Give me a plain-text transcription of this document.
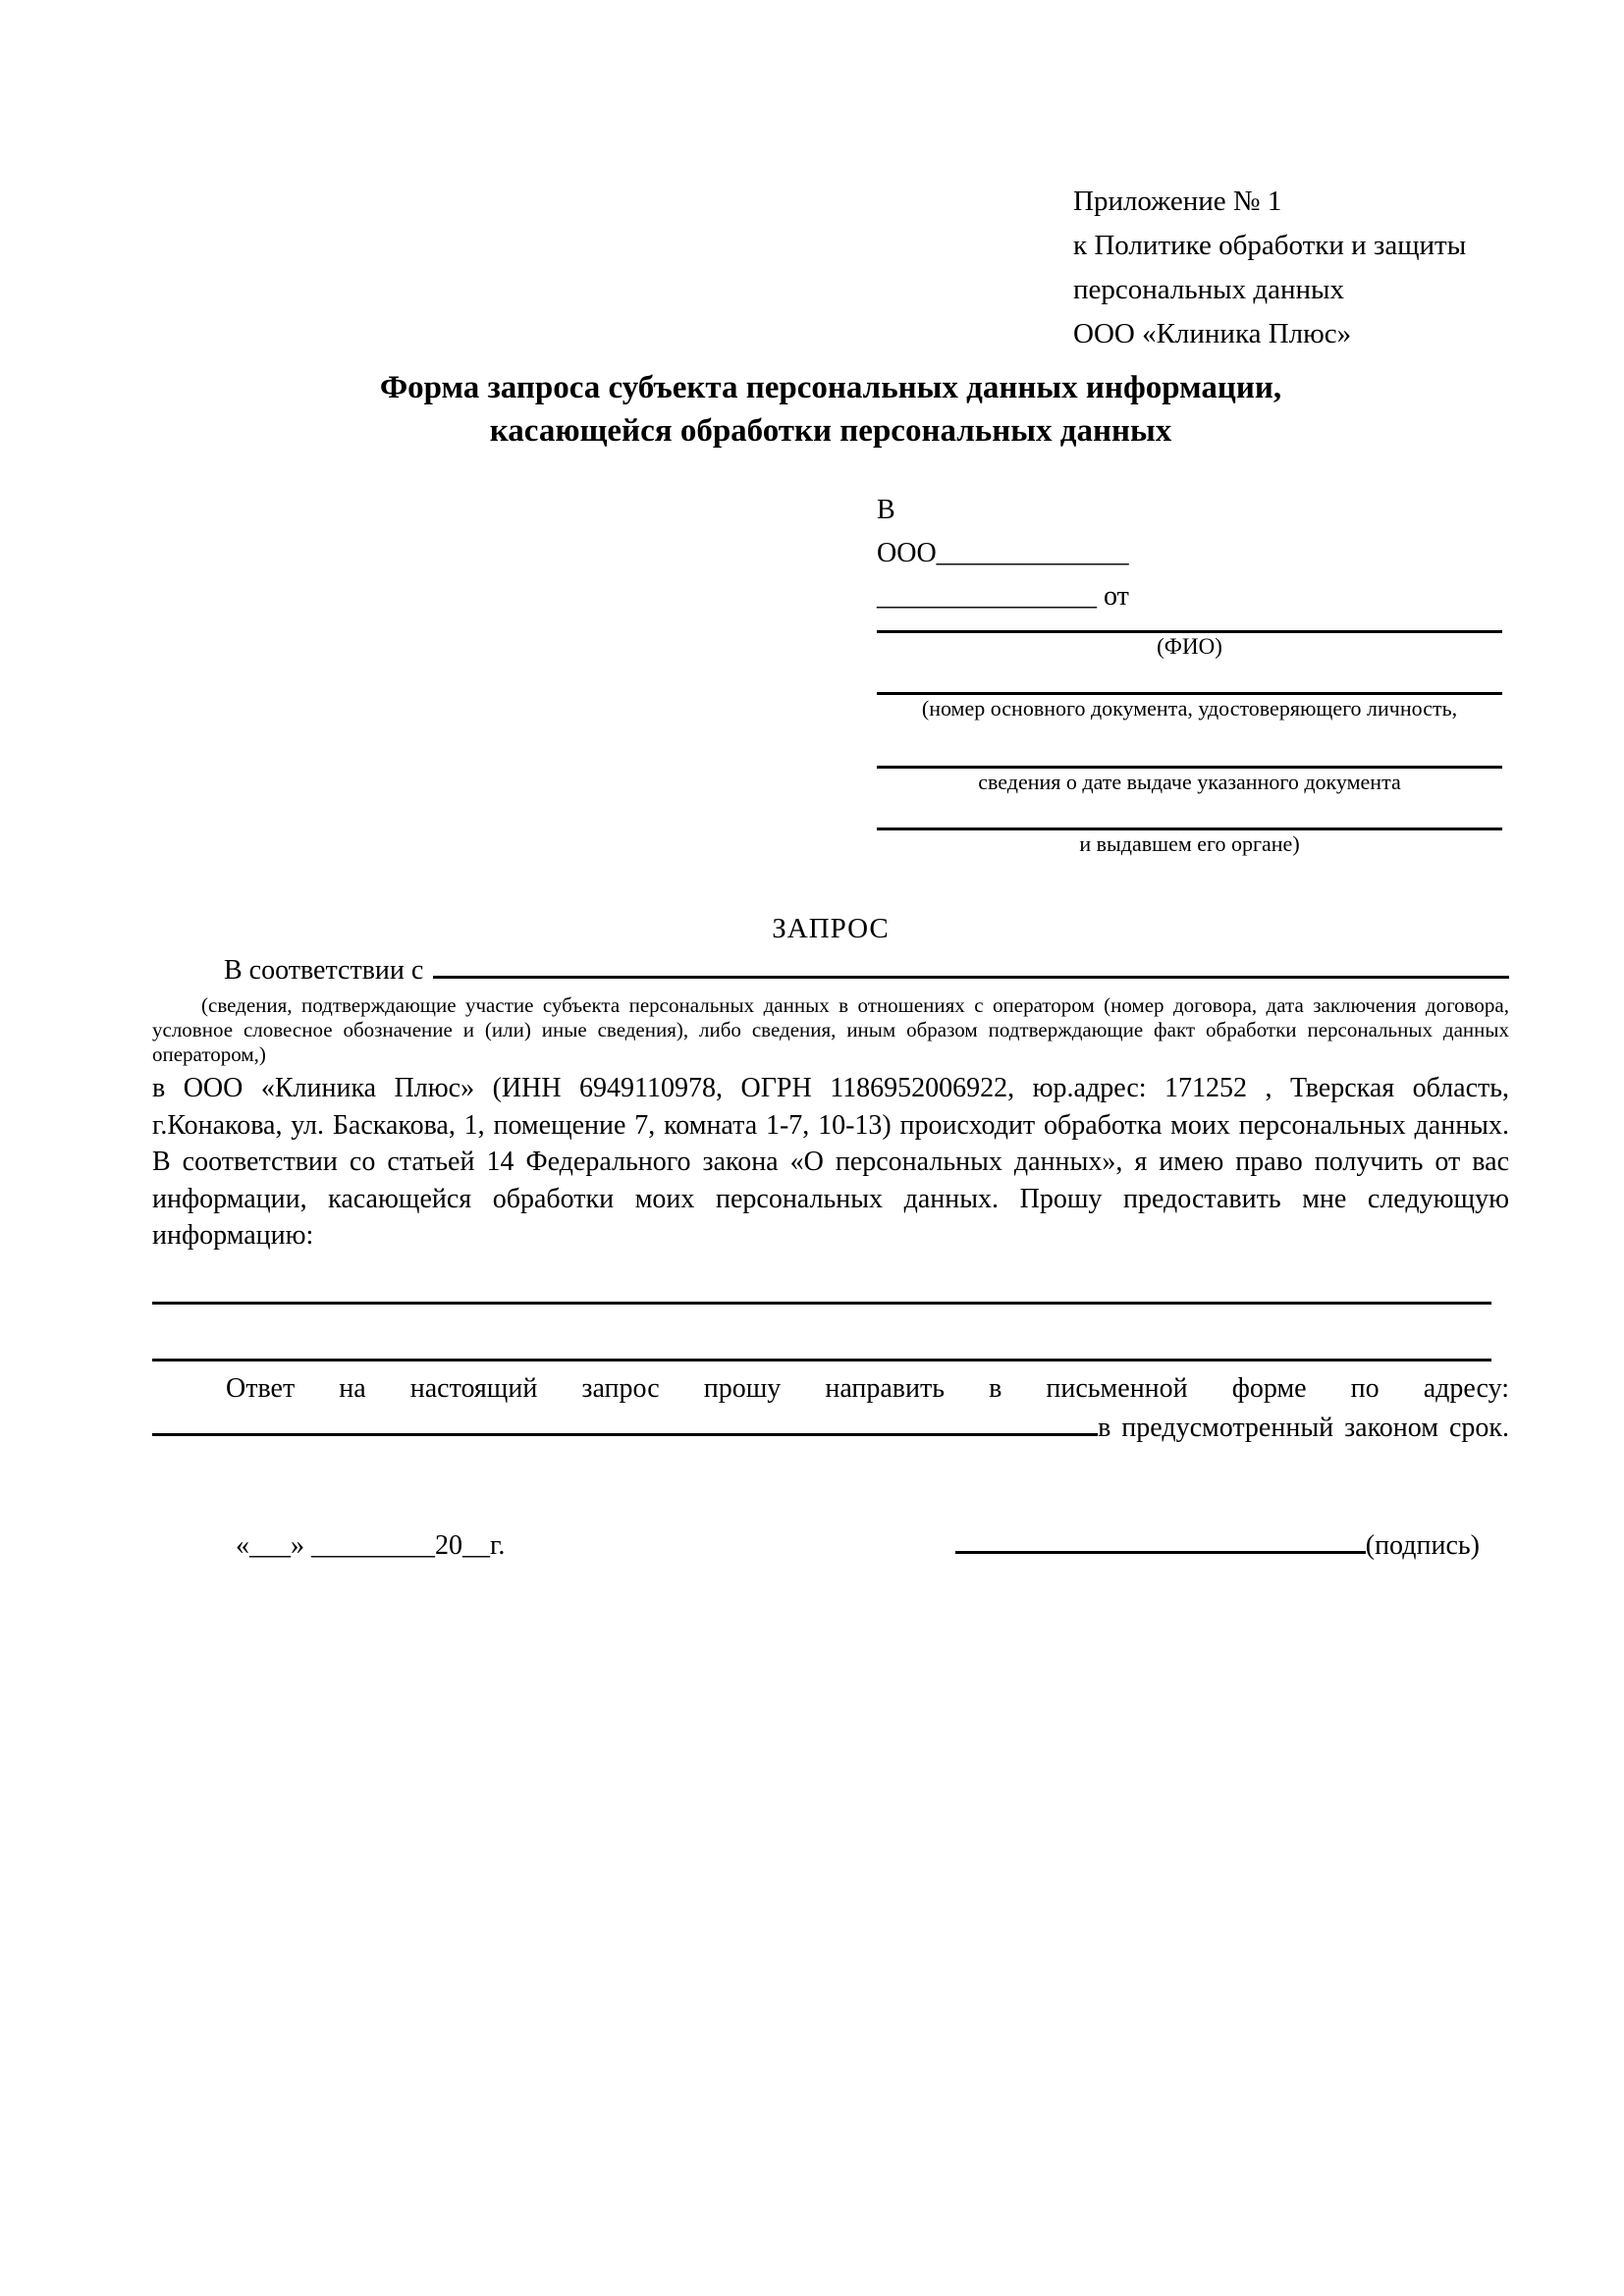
Приложение № 1
к Политике обработки и защиты
персональных данных
ООО «Клиника Плюс»
Форма запроса субъекта персональных данных информации,
касающейся обработки персональных данных
В
ООО______________
________________ от
(ФИО)
(номер основного документа, удостоверяющего личность,
сведения о дате выдаче указанного документа
и выдавшем его органе)
ЗАПРОС
В соответствии с
(сведения, подтверждающие участие субъекта персональных данных в отношениях с оператором (номер договора, дата заключения договора, условное словесное обозначение и (или) иные сведения), либо сведения, иным образом подтверждающие факт обработки персональных данных оператором,)
в ООО «Клиника Плюс» (ИНН 6949110978, ОГРН 1186952006922, юр.адрес: 171252 , Тверская область, г.Конакова, ул. Баскакова, 1, помещение 7, комната 1-7, 10-13) происходит обработка моих персональных данных. В соответствии со статьей 14 Федерального закона «О персональных данных», я имею право получить от вас информации, касающейся обработки моих персональных данных. Прошу предоставить мне следующую информацию:
Ответ на настоящий запрос прошу направить в письменной форме по адресу:
в предусмотренный законом срок.
«___» _________20__г.	(подпись)
